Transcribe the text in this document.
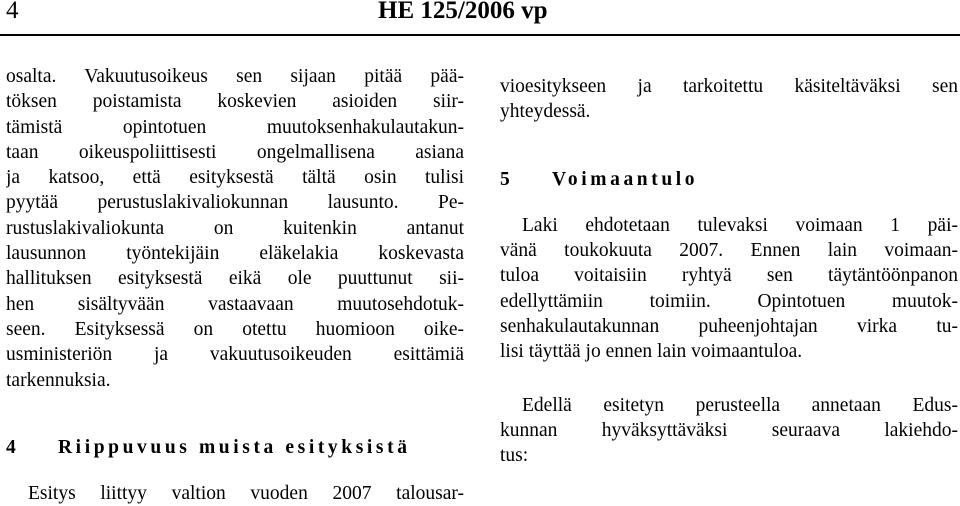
4	HE 125/2006 vp
osalta. Vakuutusoikeus sen sijaan pitää pää-
töksen poistamista koskevien asioiden siir-
tämistä opintotuen muutoksenhakulautakun-
taan oikeuspoliittisesti ongelmallisena asiana
ja katsoo, että esityksestä tältä osin tulisi
pyytää perustuslakivaliokunnan lausunto. Pe-
rustuslakivaliokunta on kuitenkin antanut
lausunnon työntekijäin eläkelakia koskevasta
hallituksen esityksestä eikä ole puuttunut sii-
hen sisältyvään vastaavaan muutosehdotuk-
seen. Esityksessä on otettu huomioon oike-
usministeriön ja vakuutusoikeuden esittämiä
tarkennuksia.
4 Riippuvuus muista esityksistä
Esitys liittyy valtion vuoden 2007 talousar-
vioesitykseen ja tarkoitettu käsiteltäväksi sen
yhteydessä.
5 Voimaantulo
Laki ehdotetaan tulevaksi voimaan 1 päi-
vänä toukokuuta 2007. Ennen lain voimaan-
tuloa voitaisiin ryhtyä sen täytäntöönpanon
edellyttämiin toimiin. Opintotuen muutok-
senhakulautakunnan puheenjohtajan virka tu-
lisi täyttää jo ennen lain voimaantuloa.
Edellä esitetyn perusteella annetaan Edus-
kunnan hyväksyttäväksi seuraava lakiehdo-
tus:
